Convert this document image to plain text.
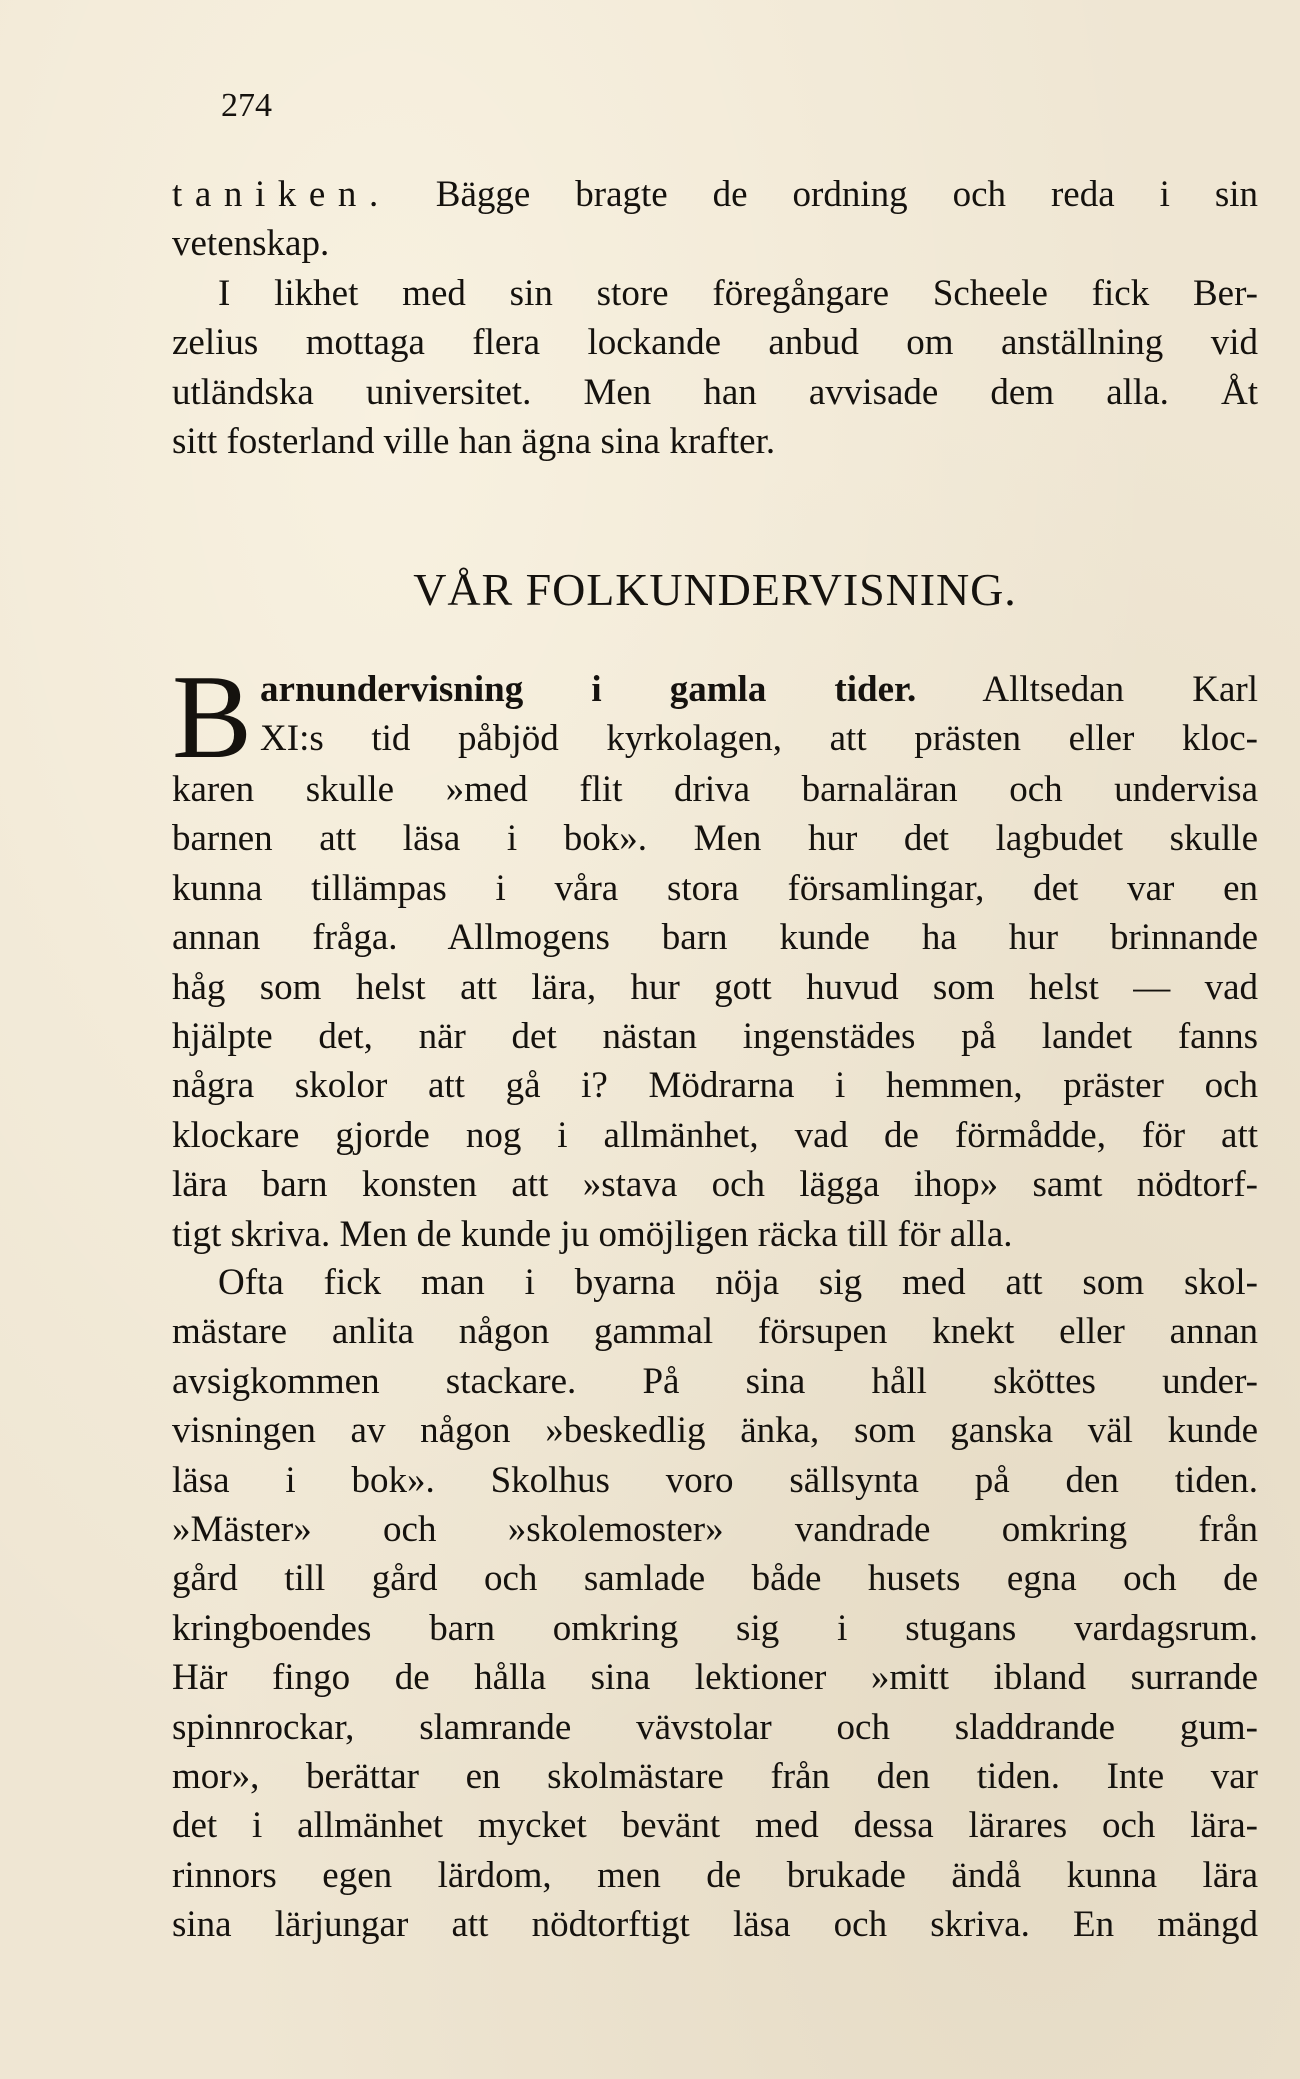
274
taniken. Bägge bragte de ordning och reda i sin
vetenskap.
I likhet med sin store föregångare Scheele fick Ber-
zelius mottaga flera lockande anbud om anställning vid
utländska universitet. Men han avvisade dem alla. Åt
sitt fosterland ville han ägna sina krafter.
VÅR FOLKUNDERVISNING.
B arnundervisning i gamla tider. Alltsedan Karl
XI:s tid påbjöd kyrkolagen, att prästen eller kloc-
karen skulle »med flit driva barnaläran och undervisa
barnen att läsa i bok». Men hur det lagbudet skulle
kunna tillämpas i våra stora församlingar, det var en
annan fråga. Allmogens barn kunde ha hur brinnande
håg som helst att lära, hur gott huvud som helst — vad
hjälpte det, när det nästan ingenstädes på landet fanns
några skolor att gå i? Mödrarna i hemmen, präster och
klockare gjorde nog i allmänhet, vad de förmådde, för att
lära barn konsten att »stava och lägga ihop» samt nödtorf-
tigt skriva. Men de kunde ju omöjligen räcka till för alla.
Ofta fick man i byarna nöja sig med att som skol-
mästare anlita någon gammal försupen knekt eller annan
avsigkommen stackare. På sina håll sköttes under-
visningen av någon »beskedlig änka, som ganska väl kunde
läsa i bok». Skolhus voro sällsynta på den tiden.
»Mäster» och »skolemoster» vandrade omkring från
gård till gård och samlade både husets egna och de
kringboendes barn omkring sig i stugans vardagsrum.
Här fingo de hålla sina lektioner »mitt ibland surrande
spinnrockar, slamrande vävstolar och sladdrande gum-
mor», berättar en skolmästare från den tiden. Inte var
det i allmänhet mycket bevänt med dessa lärares och lära-
rinnors egen lärdom, men de brukade ändå kunna lära
sina lärjungar att nödtorftigt läsa och skriva. En mängd
